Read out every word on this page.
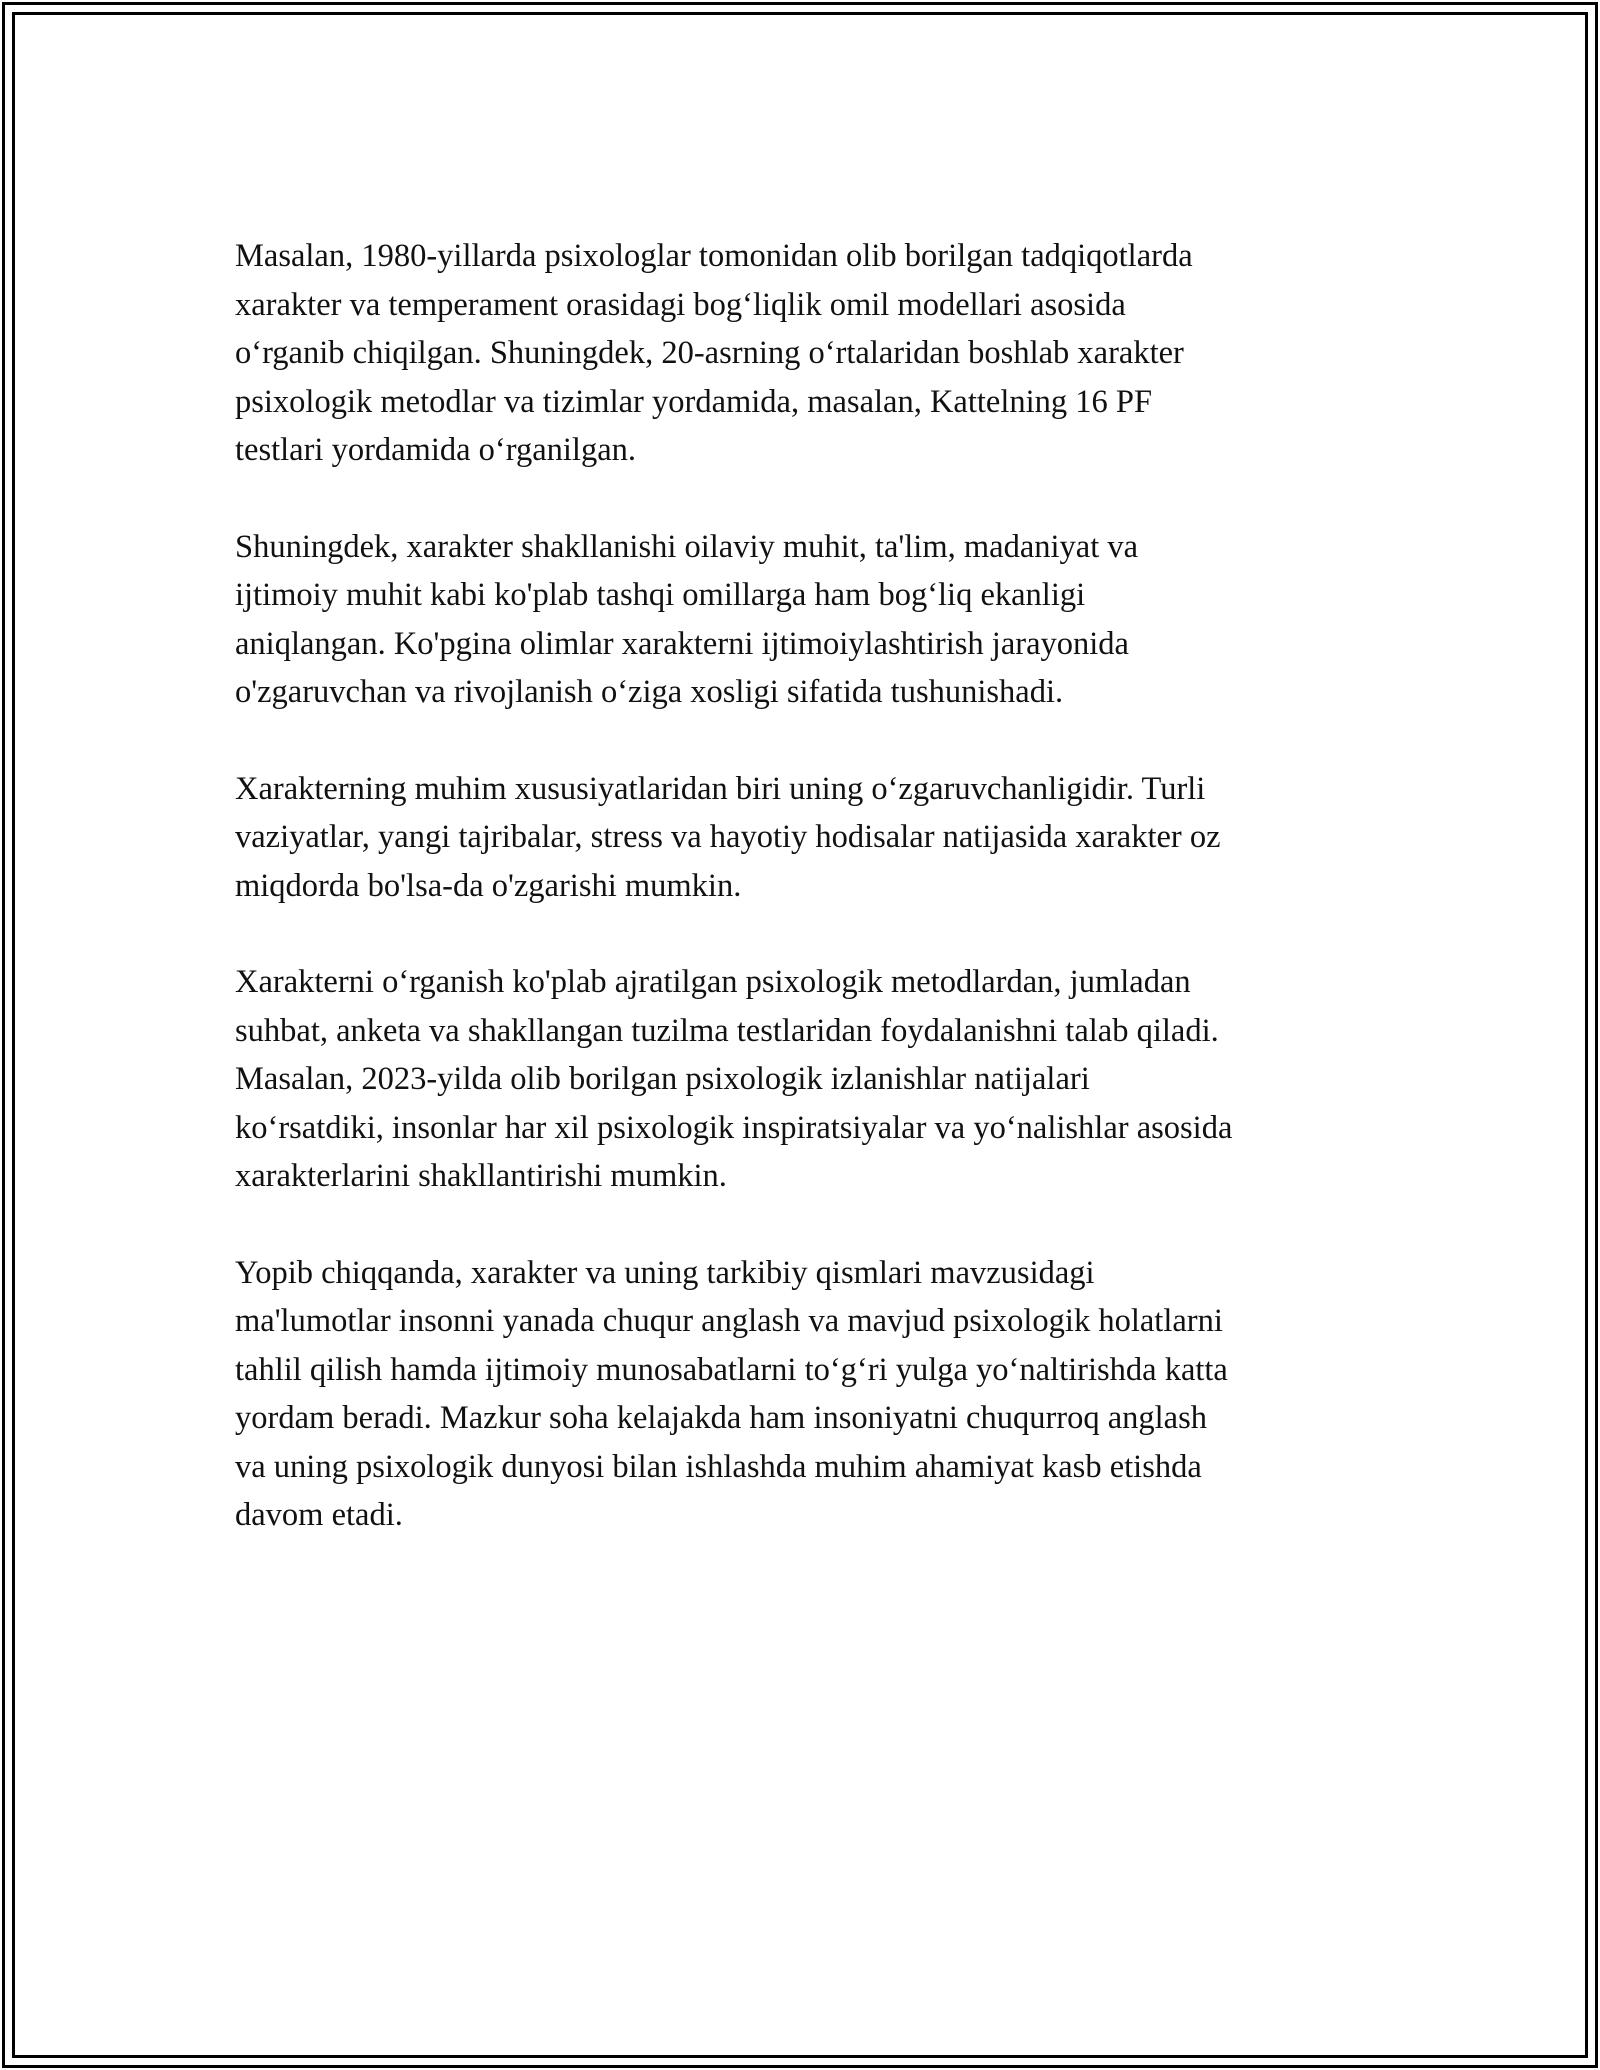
Masalan, 1980-yillarda psixologlar tomonidan olib borilgan tadqiqotlarda
xarakter va temperament orasidagi bog‘liqlik omil modellari asosida
o‘rganib chiqilgan. Shuningdek, 20-asrning o‘rtalaridan boshlab xarakter
psixologik metodlar va tizimlar yordamida, masalan, Kattelning 16 PF
testlari yordamida o‘rganilgan.

Shuningdek, xarakter shakllanishi oilaviy muhit, ta'lim, madaniyat va
ijtimoiy muhit kabi ko'plab tashqi omillarga ham bog‘liq ekanligi
aniqlangan. Ko'pgina olimlar xarakterni ijtimoiylashtirish jarayonida
o'zgaruvchan va rivojlanish o‘ziga xosligi sifatida tushunishadi.

Xarakterning muhim xususiyatlaridan biri uning o‘zgaruvchanligidir. Turli
vaziyatlar, yangi tajribalar, stress va hayotiy hodisalar natijasida xarakter oz
miqdorda bo'lsa-da o'zgarishi mumkin.

Xarakterni o‘rganish ko'plab ajratilgan psixologik metodlardan, jumladan
suhbat, anketa va shakllangan tuzilma testlaridan foydalanishni talab qiladi.
Masalan, 2023-yilda olib borilgan psixologik izlanishlar natijalari
ko‘rsatdiki, insonlar har xil psixologik inspiratsiyalar va yo‘nalishlar asosida
xarakterlarini shakllantirishi mumkin.

Yopib chiqqanda, xarakter va uning tarkibiy qismlari mavzusidagi
ma'lumotlar insonni yanada chuqur anglash va mavjud psixologik holatlarni
tahlil qilish hamda ijtimoiy munosabatlarni to‘g‘ri yulga yo‘naltirishda katta
yordam beradi. Mazkur soha kelajakda ham insoniyatni chuqurroq anglash
va uning psixologik dunyosi bilan ishlashda muhim ahamiyat kasb etishda
davom etadi.
